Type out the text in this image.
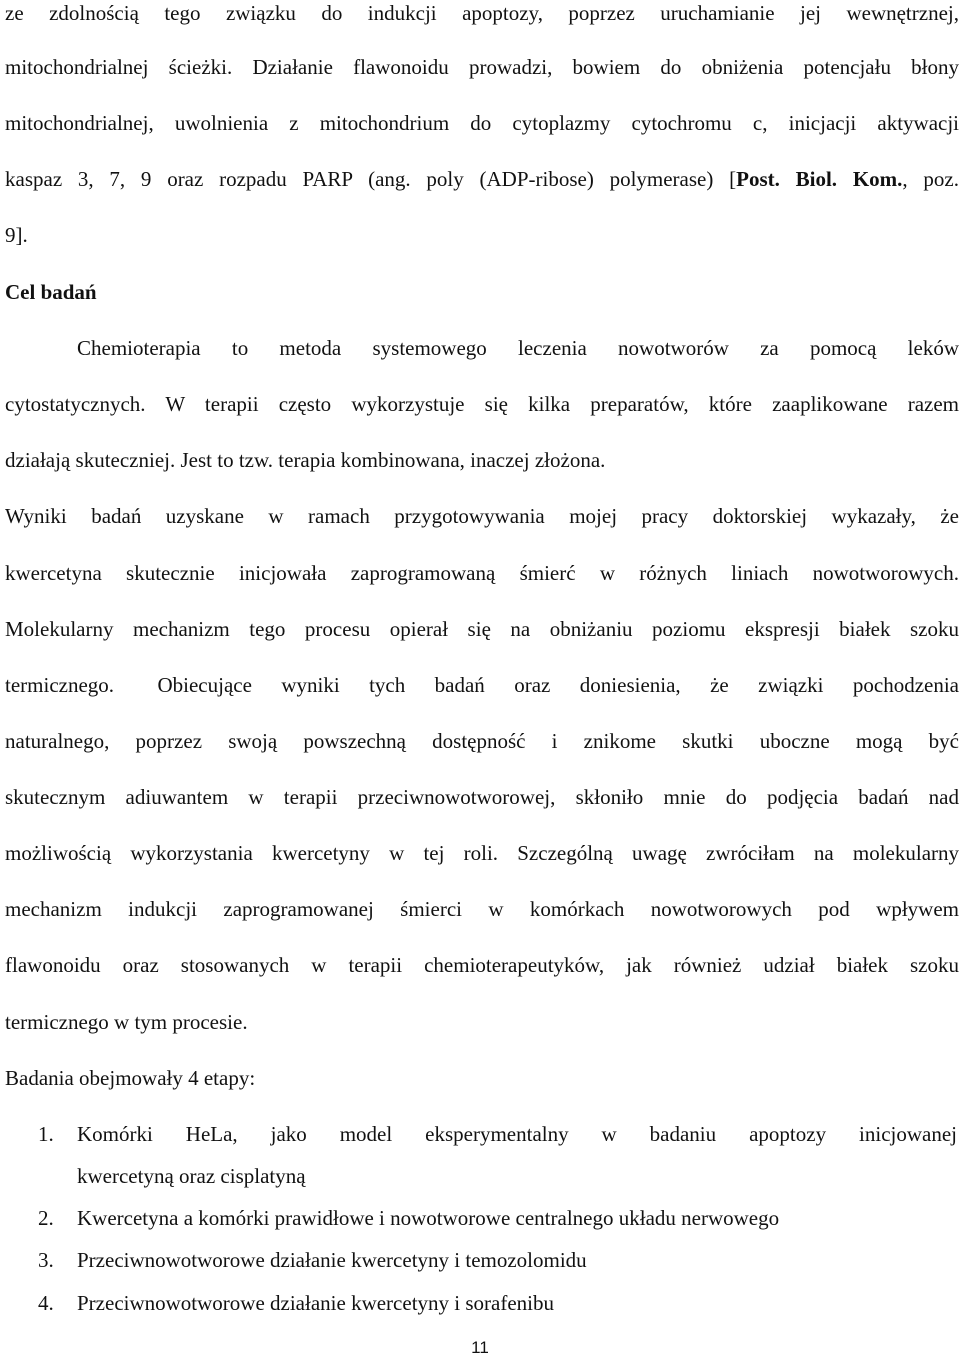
ze zdolnością tego związku do indukcji apoptozy, poprzez uruchamianie jej wewnętrznej,
mitochondrialnej ścieżki. Działanie flawonoidu prowadzi, bowiem do obniżenia potencjału błony
mitochondrialnej, uwolnienia z mitochondrium do cytoplazmy cytochromu c, inicjacji aktywacji
kaspaz 3, 7, 9 oraz rozpadu PARP (ang. poly (ADP-ribose) polymerase) [Post. Biol. Kom., poz.
9].
Cel badań
Chemioterapia to metoda systemowego leczenia nowotworów za pomocą leków
cytostatycznych. W terapii często wykorzystuje się kilka preparatów, które zaaplikowane razem
działają skuteczniej. Jest to tzw. terapia kombinowana, inaczej złożona.
Wyniki badań uzyskane w ramach przygotowywania mojej pracy doktorskiej wykazały, że
kwercetyna skutecznie inicjowała zaprogramowaną śmierć w różnych liniach nowotworowych.
Molekularny mechanizm tego procesu opierał się na obniżaniu poziomu ekspresji białek szoku
termicznego. Obiecujące wyniki tych badań oraz doniesienia, że związki pochodzenia
naturalnego, poprzez swoją powszechną dostępność i znikome skutki uboczne mogą być
skutecznym adiuwantem w terapii przeciwnowotworowej, skłoniło mnie do podjęcia badań nad
możliwością wykorzystania kwercetyny w tej roli. Szczególną uwagę zwróciłam na molekularny
mechanizm indukcji zaprogramowanej śmierci w komórkach nowotworowych pod wpływem
flawonoidu oraz stosowanych w terapii chemioterapeutyków, jak również udział białek szoku
termicznego w tym procesie.
Badania obejmowały 4 etapy:
1. Komórki HeLa, jako model eksperymentalny w badaniu apoptozy inicjowanej
kwercetyną oraz cisplatyną
2. Kwercetyna a komórki prawidłowe i nowotworowe centralnego układu nerwowego
3. Przeciwnowotworowe działanie kwercetyny i temozolomidu
4. Przeciwnowotworowe działanie kwercetyny i sorafenibu
11
